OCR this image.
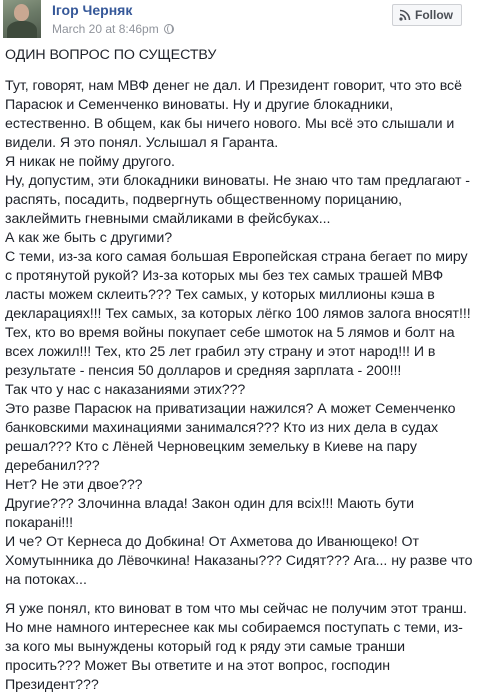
Ігор Черняк
March 20 at 8:46pm
Follow

ОДИН ВОПРОС ПО СУЩЕСТВУ

Тут, говорят, нам МВФ денег не дал. И Президент говорит, что это всё
Парасюк и Семенченко виноваты. Ну и другие блокадники,
естественно. В общем, как бы ничего нового. Мы всё это слышали и
видели. Я это понял. Услышал я Гаранта.
Я никак не пойму другого.
Ну, допустим, эти блокадники виноваты. Не знаю что там предлагают -
распять, посадить, подвергнуть общественному порицанию,
заклеймить гневными смайликами в фейсбуках...
А как же быть с другими?
С теми, из-за кого самая большая Европейская страна бегает по миру
с протянутой рукой? Из-за которых мы без тех самых трашей МВФ
ласты можем склеить??? Тех самых, у которых миллионы кэша в
декларациях!!! Тех самых, за которых лёгко 100 лямов залога вносят!!!
Тех, кто во время войны покупает себе шмоток на 5 лямов и болт на
всех ложил!!! Тех, кто 25 лет грабил эту страну и этот народ!!! И в
результате - пенсия 50 долларов и средняя зарплата - 200!!!
Так что у нас с наказаниями этих???
Это разве Парасюк на приватизации нажился? А может Семенченко
банковскими махинациями занимался??? Кто из них дела в судах
решал??? Кто с Лёней Черновецким земельку в Киеве на пару
деребанил???
Нет? Не эти двое???
Другие??? Злочинна влада! Закон один для всіх!!! Мають бути
покарані!!!
И че? От Кернеса до Добкина! От Ахметова до Иванющеко! От
Хомутынника до Лёвочкина! Наказаны??? Сидят??? Ага... ну разве что
на потоках...

Я уже понял, кто виноват в том что мы сейчас не получим этот транш.
Но мне намного интереснее как мы собираемся поступать с теми, из-
за кого мы вынуждены который год к ряду эти самые транши
просить??? Может Вы ответите и на этот вопрос, господин
Президент???
